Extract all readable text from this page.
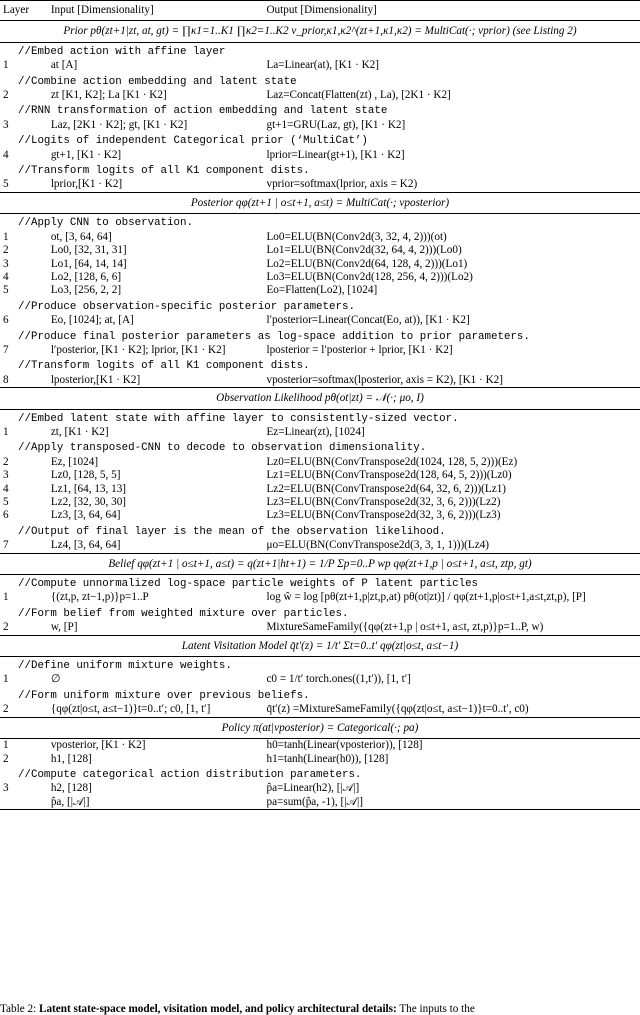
Layer	Input [Dimensionality]	Output [Dimensionality]
Prior pθ(zt+1|zt, at, gt) = ∏κ1=1..K1 ∏κ2=1..K2 v_prior,κ1,κ2^(zt+1,κ1,κ2) = MultiCat(·; vprior) (see Listing 2)		
//Embed action with affine layer		
1	at [A]	La=Linear(at), [K1 · K2]
//Combine action embedding and latent state		
2	zt [K1, K2]; La [K1 · K2]	Laz=Concat(Flatten(zt) , La), [2K1 · K2]
//RNN transformation of action embedding and latent state		
3	Laz, [2K1 · K2]; gt, [K1 · K2]	gt+1=GRU(Laz, gt), [K1 · K2]
//Logits of independent Categorical prior (‘MultiCat’)		
4	gt+1, [K1 · K2]	lprior=Linear(gt+1), [K1 · K2]
//Transform logits of all K1 component dists.		
5	lprior,[K1 · K2]	vprior=softmax(lprior, axis = K2)
Posterior qφ(zt+1 | o≤t+1, a≤t) = MultiCat(·; vposterior)		
//Apply CNN to observation.		
1	ot, [3, 64, 64]	Lo0=ELU(BN(Conv2d(3, 32, 4, 2)))(ot)
2	Lo0, [32, 31, 31]	Lo1=ELU(BN(Conv2d(32, 64, 4, 2)))(Lo0)
3	Lo1, [64, 14, 14]	Lo2=ELU(BN(Conv2d(64, 128, 4, 2)))(Lo1)
4	Lo2, [128, 6, 6]	Lo3=ELU(BN(Conv2d(128, 256, 4, 2)))(Lo2)
5	Lo3, [256, 2, 2]	Eo=Flatten(Lo2), [1024]
//Produce observation-specific posterior parameters.		
6	Eo, [1024]; at, [A]	l′posterior=Linear(Concat(Eo, at)), [K1 · K2]
//Produce final posterior parameters as log-space addition to prior parameters.		
7	l′posterior, [K1 · K2]; lprior, [K1 · K2]	lposterior = l′posterior + lprior, [K1 · K2]
//Transform logits of all K1 component dists.		
8	lposterior,[K1 · K2]	vposterior=softmax(lposterior, axis = K2), [K1 · K2]
Observation Likelihood pθ(ot|zt) = 𝒩(·; μo, I)		
//Embed latent state with affine layer to consistently-sized vector.		
1	zt, [K1 · K2]	Ez=Linear(zt), [1024]
//Apply transposed-CNN to decode to observation dimensionality.		
2	Ez, [1024]	Lz0=ELU(BN(ConvTranspose2d(1024, 128, 5, 2)))(Ez)
3	Lz0, [128, 5, 5]	Lz1=ELU(BN(ConvTranspose2d(128, 64, 5, 2)))(Lz0)
4	Lz1, [64, 13, 13]	Lz2=ELU(BN(ConvTranspose2d(64, 32, 6, 2)))(Lz1)
5	Lz2, [32, 30, 30]	Lz3=ELU(BN(ConvTranspose2d(32, 3, 6, 2)))(Lz2)
6	Lz3, [3, 64, 64]	Lz3=ELU(BN(ConvTranspose2d(32, 3, 6, 2)))(Lz3)
//Output of final layer is the mean of the observation likelihood.		
7	Lz4, [3, 64, 64]	μo=ELU(BN(ConvTranspose2d(3, 3, 1, 1)))(Lz4)
Belief qφ(zt+1 | o≤t+1, a≤t) = q(zt+1|ht+1) = 1/P Σp=0..P wp qφ(zt+1,p | o≤t+1, a≤t, ztp, gt)		
//Compute unnormalized log-space particle weights of P latent particles		
1	{(zt,p, zt−1,p)}p=1..P	log ŵ = log [pθ(zt+1,p|zt,p,at) pθ(ot|zt)] / qφ(zt+1,p|o≤t+1,a≤t,zt,p), [P]
//Form belief from weighted mixture over particles.		
2	w, [P]	MixtureSameFamily({qφ(zt+1,p | o≤t+1, a≤t, zt,p)}p=1..P, w)
Latent Visitation Model q̄t′(z) = 1/t′ Σt=0..t′ qφ(zt|o≤t, a≤t−1)		
//Define uniform mixture weights.		
1	∅	c0 = 1/t′ torch.ones((1,t′)), [1, t′]
//Form uniform mixture over previous beliefs.		
2	{qφ(zt|o≤t, a≤t−1)}t=0..t′; c0, [1, t′]	q̄t′(z) =MixtureSameFamily({qφ(zt|o≤t, a≤t−1)}t=0..t′, c0)
Policy π(at|vposterior) = Categorical(·; pa)		
1	vposterior, [K1 · K2]	h0=tanh(Linear(vposterior)), [128]
2	h1, [128]	h1=tanh(Linear(h0)), [128]
//Compute categorical action distribution parameters.		
3	h2, [128]	p̂a=Linear(h2), [|𝒜|]
	p̂a, [|𝒜|]	pa=sum(p̂a, -1), [|𝒜|]
Table 2: Latent state-space model, visitation model, and policy architectural details: The inputs to the
